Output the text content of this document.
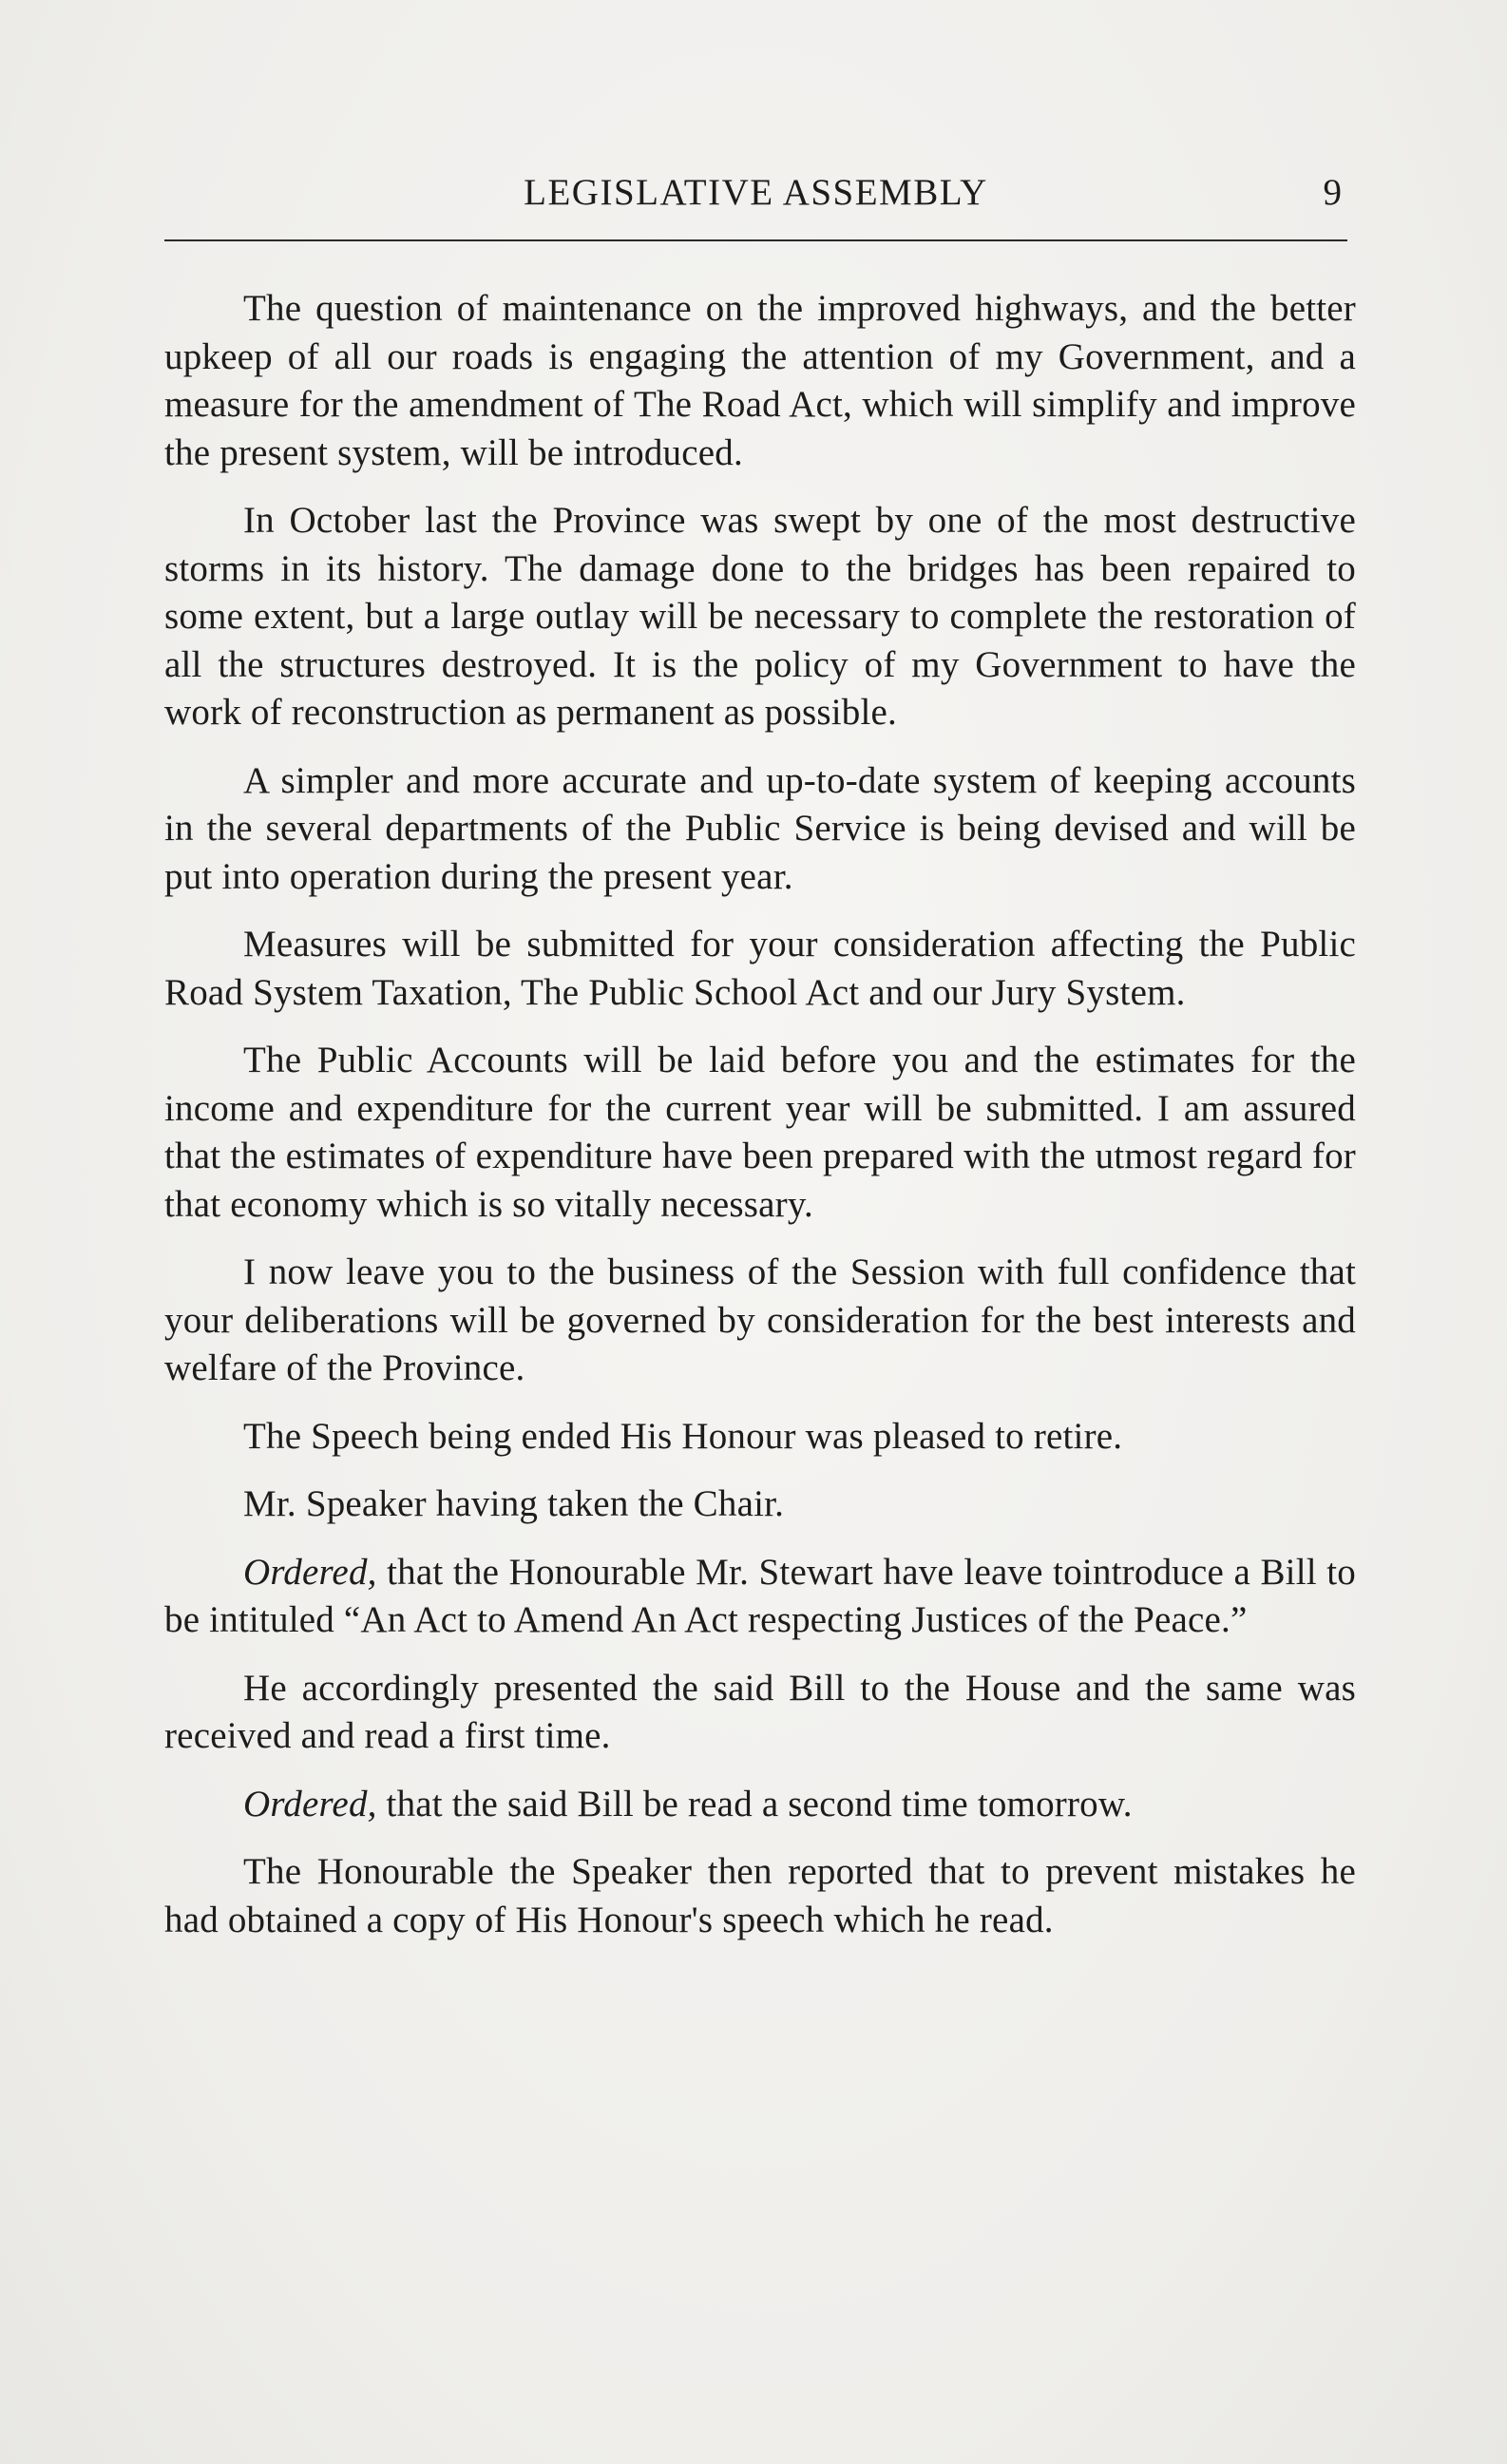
LEGISLATIVE ASSEMBLY	9

The question of maintenance on the improved highways, and the better upkeep of all our roads is engaging the attention of my Government, and a measure for the amendment of The Road Act, which will simplify and improve the present system, will be introduced.

In October last the Province was swept by one of the most destructive storms in its history. The damage done to the bridges has been repaired to some extent, but a large outlay will be necessary to complete the restoration of all the structures destroyed. It is the policy of my Government to have the work of reconstruction as permanent as possible.

A simpler and more accurate and up-to-date system of keeping accounts in the several departments of the Public Service is being devised and will be put into operation during the present year.

Measures will be submitted for your consideration affecting the Public Road System Taxation, The Public School Act and our Jury System.

The Public Accounts will be laid before you and the estimates for the income and expenditure for the current year will be submitted. I am assured that the estimates of expenditure have been prepared with the utmost regard for that economy which is so vitally necessary.

I now leave you to the business of the Session with full confidence that your deliberations will be governed by consideration for the best interests and welfare of the Province.

The Speech being ended His Honour was pleased to retire.

Mr. Speaker having taken the Chair.

Ordered, that the Honourable Mr. Stewart have leave tointroduce a Bill to be intituled “An Act to Amend An Act respecting Justices of the Peace.”

He accordingly presented the said Bill to the House and the same was received and read a first time.

Ordered, that the said Bill be read a second time tomorrow.

The Honourable the Speaker then reported that to prevent mistakes he had obtained a copy of His Honour's speech which he read.
